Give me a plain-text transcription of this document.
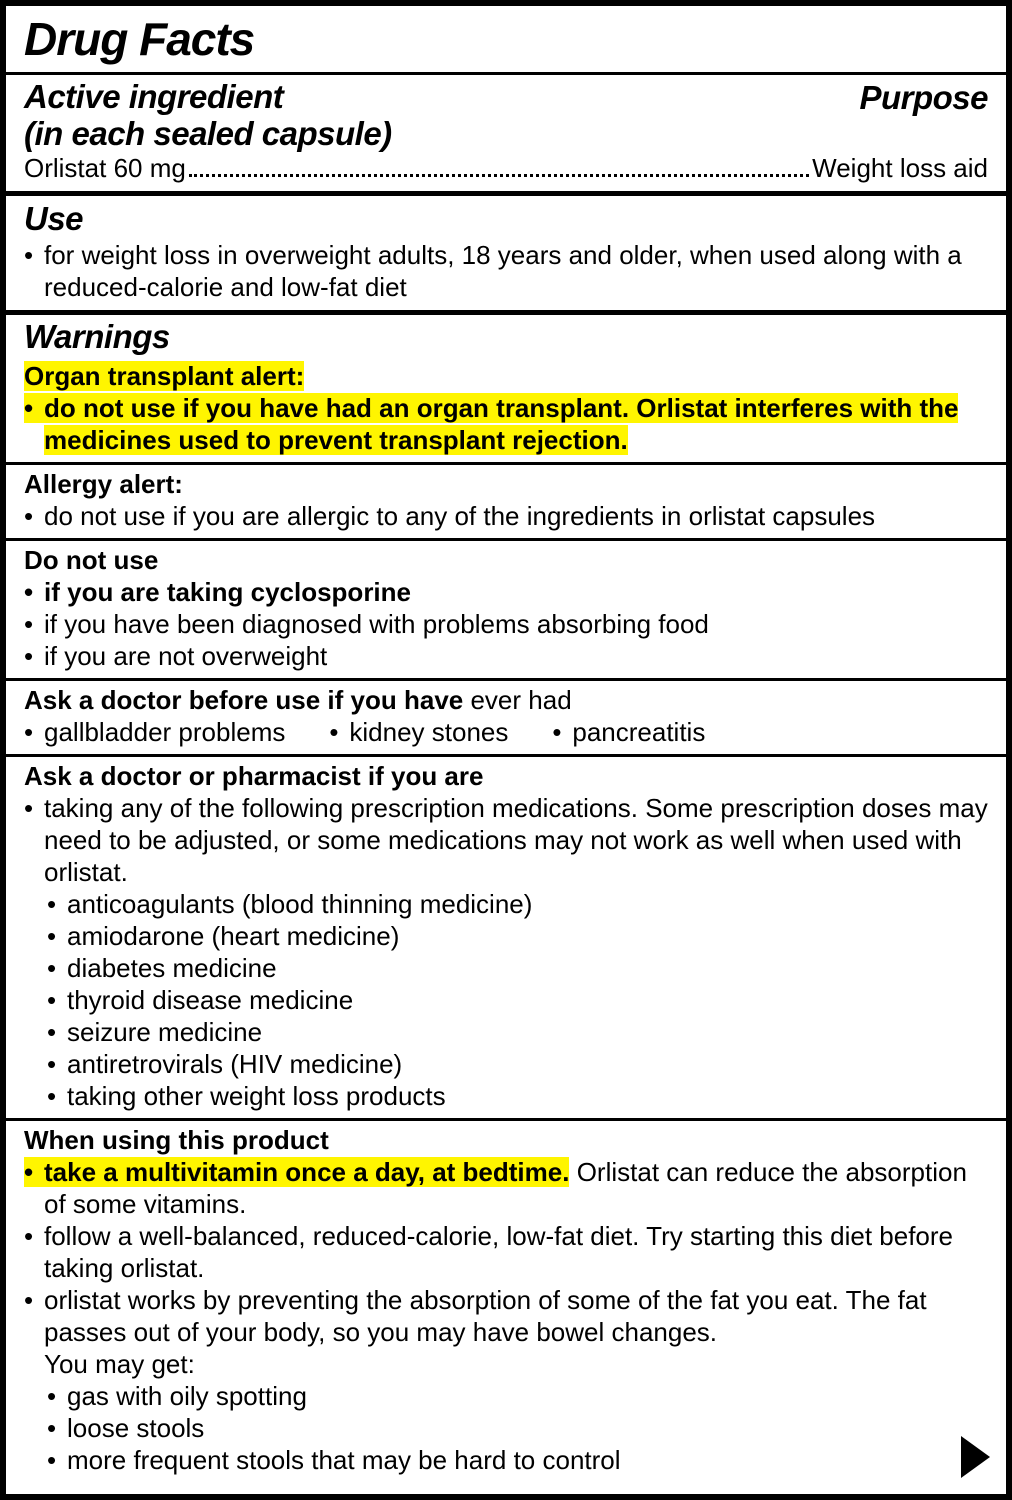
Drug Facts
Active ingredient
(in each sealed capsule)
Purpose
Orlistat 60 mg	Weight loss aid
Use

•for weight loss in overweight adults, 18 years and older, when used along with a reduced-calorie and low-fat diet

Warnings
Organ transplant alert:

•do not use if you have had an organ transplant. Orlistat interferes with the medicines used to prevent transplant rejection.

Allergy alert:

•do not use if you are allergic to any of the ingredients in orlistat capsules

Do not use

•if you are taking cyclosporine

•if you have been diagnosed with problems absorbing food

•if you are not overweight

Ask a doctor before use if you have ever had
•gallbladder problems •	kidney stones •	pancreatitis
Ask a doctor or pharmacist if you are

•taking any of the following prescription medications. Some prescription doses may need to be adjusted, or some medications may not work as well when used with orlistat.

•anticoagulants (blood thinning medicine)

•amiodarone (heart medicine)

•diabetes medicine

•thyroid disease medicine

•seizure medicine

•antiretrovirals (HIV medicine)

•taking other weight loss products

When using this product

•take a multivitamin once a day, at bedtime. Orlistat can reduce the absorption of some vitamins.

•follow a well-balanced, reduced-calorie, low-fat diet. Try starting this diet before taking orlistat.

•orlistat works by preventing the absorption of some of the fat you eat. The fat passes out of your body, so you may have bowel changes.
You may get:

•gas with oily spotting

•loose stools

•more frequent stools that may be hard to control
